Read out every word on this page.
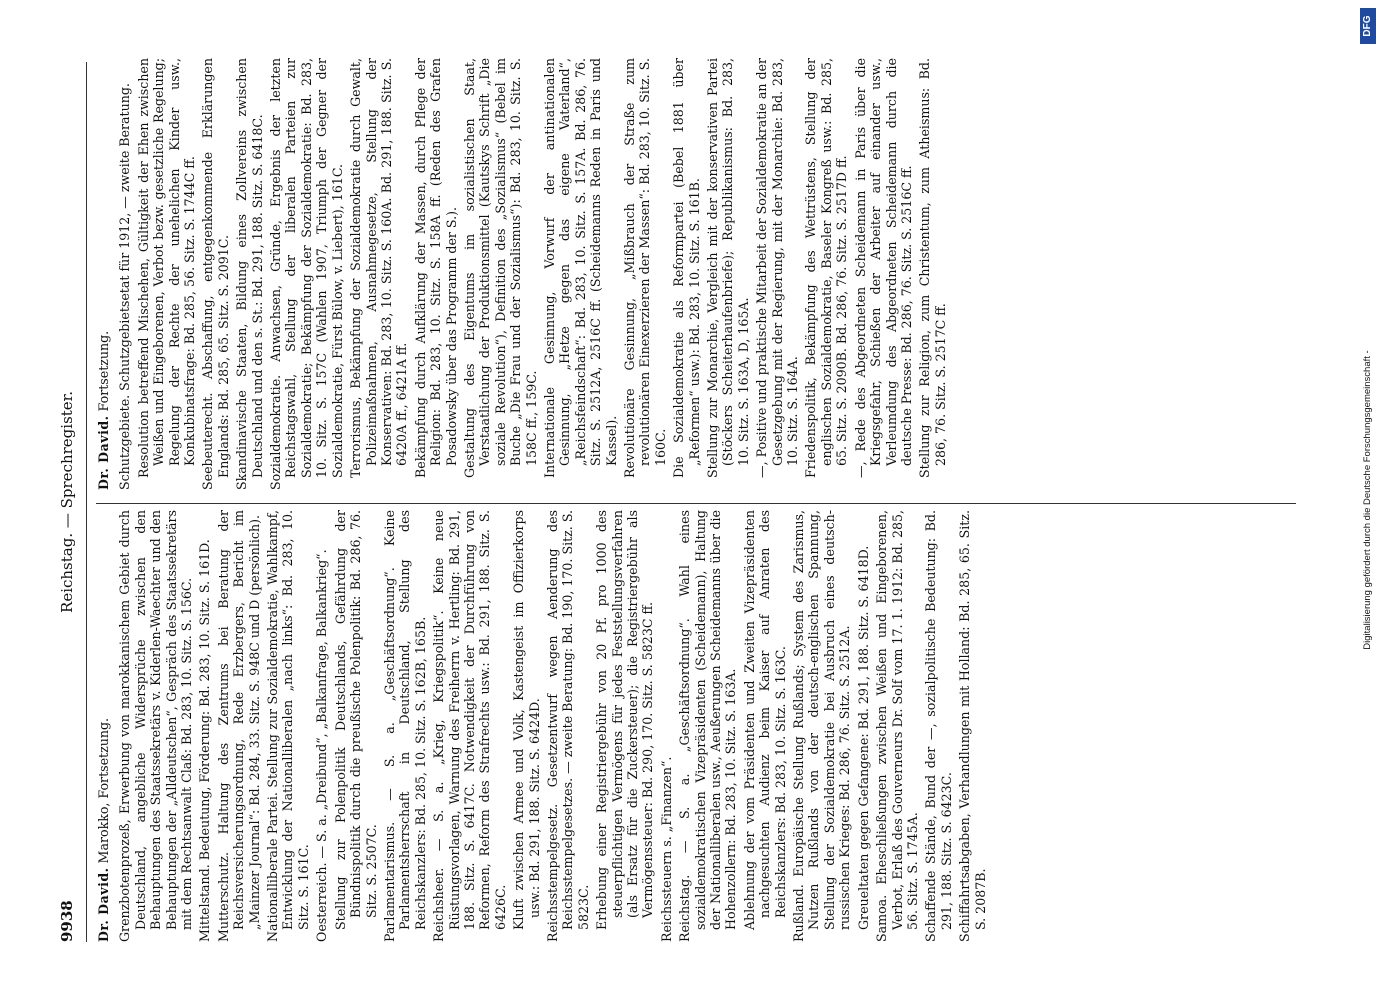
9938
Reichstag. — Sprechregister.
Dr. David. Marokko, Fortsetzung. Grenzbotenprozeß, Erwerbung von marokkanischem Gebiet durch Deutschland, angebliche Widersprüche zwischen den Behauptungen des Staatssekretärs v. Kiderlen-Waechter und den Behauptungen der „Alldeutschen“, Gespräch des Staatssekretärs mit dem Rechtsanwalt Claß: Bd. 283, 10. Sitz. S. 156C. Mittelstand. Bedeutung, Förderung: Bd. 283, 10. Sitz. S. 161D. Mutterschutz. Haltung des Zentrums bei Beratung der Reichsversicherungsordnung, Rede Erzbergers, Bericht im „Mainzer Journal“: Bd. 284, 33. Sitz. S. 948C und D (persönlich). Nationalliberale Partei. Stellung zur Sozialdemokratie, Wahlkampf, Entwicklung der Nationalliberalen „nach links“: Bd. 283, 10. Sitz. S. 161C. Oesterreich. — S. a. „Dreibund“, „Balkanfrage, Balkankrieg“. Stellung zur Polenpolitik Deutschlands, Gefährdung der Bündnispolitik durch die preußische Polenpolitik: Bd. 286, 76. Sitz. S. 2507C. Parlamentarismus. — S. a. „Geschäftsordnung“. Keine Parlamentsherrschaft in Deutschland, Stellung des Reichskanzlers: Bd. 285, 10. Sitz. S. 162B, 165B. Reichsheer. — S. a. „Krieg, Kriegspolitik“. Keine neue Rüstungsvorlagen, Warnung des Freiherrn v. Hertling: Bd. 291, 188. Sitz. S. 6417C. Notwendigkeit der Durchführung von Reformen, Reform des Strafrechts usw.: Bd. 291, 188. Sitz. S. 6426C. Kluft zwischen Armee und Volk, Kastengeist im Offizierkorps usw.: Bd. 291, 188. Sitz. S. 6424D. Reichsstempelgesetz. Gesetzentwurf wegen Aenderung des Reichsstempelgesetzes. — zweite Beratung: Bd. 190, 170. Sitz. S. 5823C. Erhebung einer Registriergebühr von 20 Pf. pro 1000 des steuerpflichtigen Vermögens für jedes Feststellungsverfahren (als Ersatz für die Zuckersteuer); die Registriergebühr als Vermögenssteuer: Bd. 290, 170. Sitz. S. 5823C ff. Reichssteuern s. „Finanzen“. Reichstag. — S. a. „Geschäftsordnung“. Wahl eines sozialdemokratischen Vizepräsidenten (Scheidemann), Haltung der Nationalliberalen usw., Aeußerungen Scheidemanns über die Hohenzollern: Bd. 283, 10. Sitz. S. 163A. Ablehnung der vom Präsidenten und Zweiten Vizepräsidenten nachgesuchten Audienz beim Kaiser auf Anraten des Reichskanzlers: Bd. 283, 10. Sitz. S. 163C. Rußland. Europäische Stellung Rußlands; System des Zarismus, Nutzen Rußlands von der deutsch-englischen Spannung, Stellung der Sozialdemokratie bei Ausbruch eines deutsch-russischen Krieges: Bd. 286, 76. Sitz. S. 2512A. Greueltaten gegen Gefangene: Bd. 291, 188. Sitz. S. 6418D. Samoa. Eheschließungen zwischen Weißen und Eingeborenen, Verbot, Erlaß des Gouverneurs Dr. Solf vom 17. 1. 1912: Bd. 285, 56. Sitz. S. 1745A. Schaffende Stände, Bund der —, sozialpolitische Bedeutung: Bd. 291, 188. Sitz. S. 6423C. Schiffahrtsabgaben, Verhandlungen mit Holland: Bd. 285, 65. Sitz. S. 2087B.

Dr. David. Fortsetzung. Schutzgebiete. Schutzgebietsetat für 1912, — zweite Beratung. Resolution betreffend Mischehen, Gültigkeit der Ehen zwischen Weißen und Eingeborenen, Verbot bezw. gesetzliche Regelung; Regelung der Rechte der unehelichen Kinder usw., Konkubinatsfrage: Bd. 285, 56. Sitz. S. 1744C ff. Seebeuterecht. Abschaffung, entgegenkommende Erklärungen Englands: Bd. 285, 65. Sitz. S. 2091C. Skandinavische Staaten, Bildung eines Zollvereins zwischen Deutschland und den s. St.: Bd. 291, 188. Sitz. S. 6418C. Sozialdemokratie. Anwachsen, Gründe, Ergebnis der letzten Reichstagswahl, Stellung der liberalen Parteien zur Sozialdemokratie; Bekämpfung der Sozialdemokratie: Bd. 283, 10. Sitz. S. 157C (Wahlen 1907, Triumph der Gegner der Sozialdemokratie, Fürst Bülow, v. Liebert), 161C. Terrorismus, Bekämpfung der Sozialdemokratie durch Gewalt, Polizeimaßnahmen, Ausnahmegesetze, Stellung der Konservativen: Bd. 283, 10. Sitz. S. 160A. Bd. 291, 188. Sitz. S. 6420A ff., 6421A ff. Bekämpfung durch Aufklärung der Massen, durch Pflege der Religion: Bd. 283, 10. Sitz. S. 158A ff. (Reden des Grafen Posadowsky über das Programm der S.). Gestaltung des Eigentums im sozialistischen Staat, Verstaatlichung der Produktionsmittel (Kautskys Schrift „Die soziale Revolution“), Definition des „Sozialismus“ (Bebel im Buche „Die Frau und der Sozialismus“): Bd. 283, 10. Sitz. S. 158C ff., 159C. Internationale Gesinnung, Vorwurf der antinationalen Gesinnung, „Hetze gegen das eigene Vaterland“, „Reichsfeindschaft“: Bd. 283, 10. Sitz. S. 157A. Bd. 286, 76. Sitz. S. 2512A, 2516C ff. (Scheidemanns Reden in Paris und Kassel). Revolutionäre Gesinnung, „Mißbrauch der Straße zum revolutionären Einexerzieren der Massen“: Bd. 283, 10. Sitz. S. 160C. Die Sozialdemokratie als Reformpartei (Bebel 1881 über „Reformen“ usw.): Bd. 283, 10. Sitz. S. 161B. Stellung zur Monarchie, Vergleich mit der konservativen Partei (Stöckers Scheiterhaufenbriefe); Republikanismus: Bd. 283, 10. Sitz. S. 163A, D, 165A. —, Positive und praktische Mitarbeit der Sozialdemokratie an der Gesetzgebung mit der Regierung, mit der Monarchie: Bd. 283, 10. Sitz. S. 164A. Friedenspolitik, Bekämpfung des Wettrüstens, Stellung der englischen Sozialdemokratie, Baseler Kongreß usw.: Bd. 285, 65. Sitz. S. 2090B. Bd. 286, 76. Sitz. S. 2517D ff. —, Rede des Abgeordneten Scheidemann in Paris über die Kriegsgefahr, Schießen der Arbeiter auf einander usw., Verleumdung des Abgeordneten Scheidemann durch die deutsche Presse: Bd. 286, 76. Sitz. S. 2516C ff. Stellung zur Religion, zum Christentum, zum Atheismus: Bd. 286, 76. Sitz. S. 2517C ff.	Digitalisierung gefördert durch die Deutsche Forschungsgemeinschaft -
DFG
